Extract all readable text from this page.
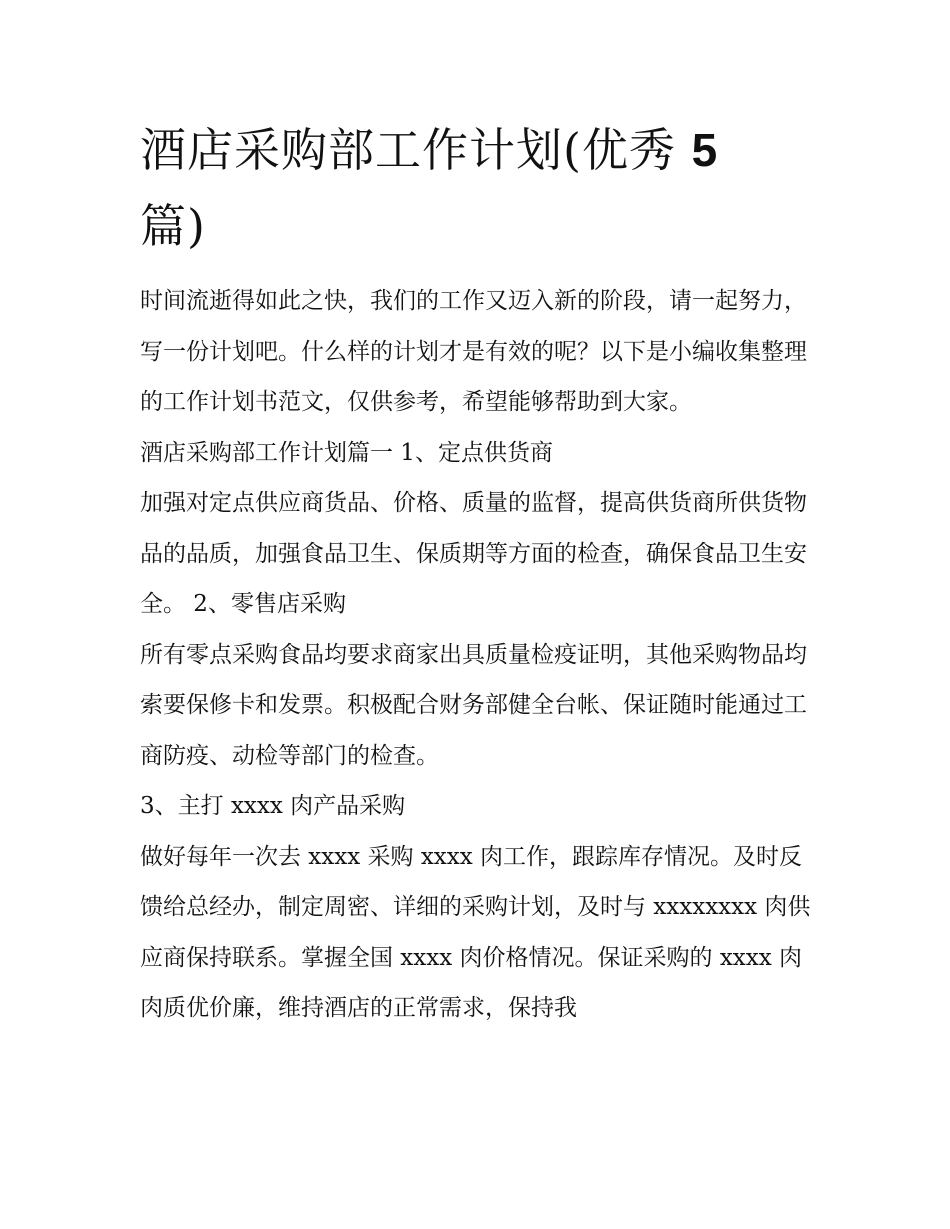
酒店采购部工作计划(优秀 5
篇)

时间流逝得如此之快，我们的工作又迈入新的阶段，请一起努力，写一份计划吧。什么样的计划才是有效的呢？以下是小编收集整理的工作计划书范文，仅供参考，希望能够帮助到大家。

酒店采购部工作计划篇一 1、定点供货商

加强对定点供应商货品、价格、质量的监督，提高供货商所供货物品的品质，加强食品卫生、保质期等方面的检查，确保食品卫生安全。 2、零售店采购

所有零点采购食品均要求商家出具质量检疫证明，其他采购物品均索要保修卡和发票。积极配合财务部健全台帐、保证随时能通过工商防疫、动检等部门的检查。

3、主打 xxxx 肉产品采购

做好每年一次去 xxxx 采购 xxxx 肉工作，跟踪库存情况。及时反馈给总经办，制定周密、详细的采购计划，及时与 xxxxxxxx 肉供应商保持联系。掌握全国 xxxx 肉价格情况。保证采购的 xxxx 肉肉质优价廉，维持酒店的正常需求，保持我
